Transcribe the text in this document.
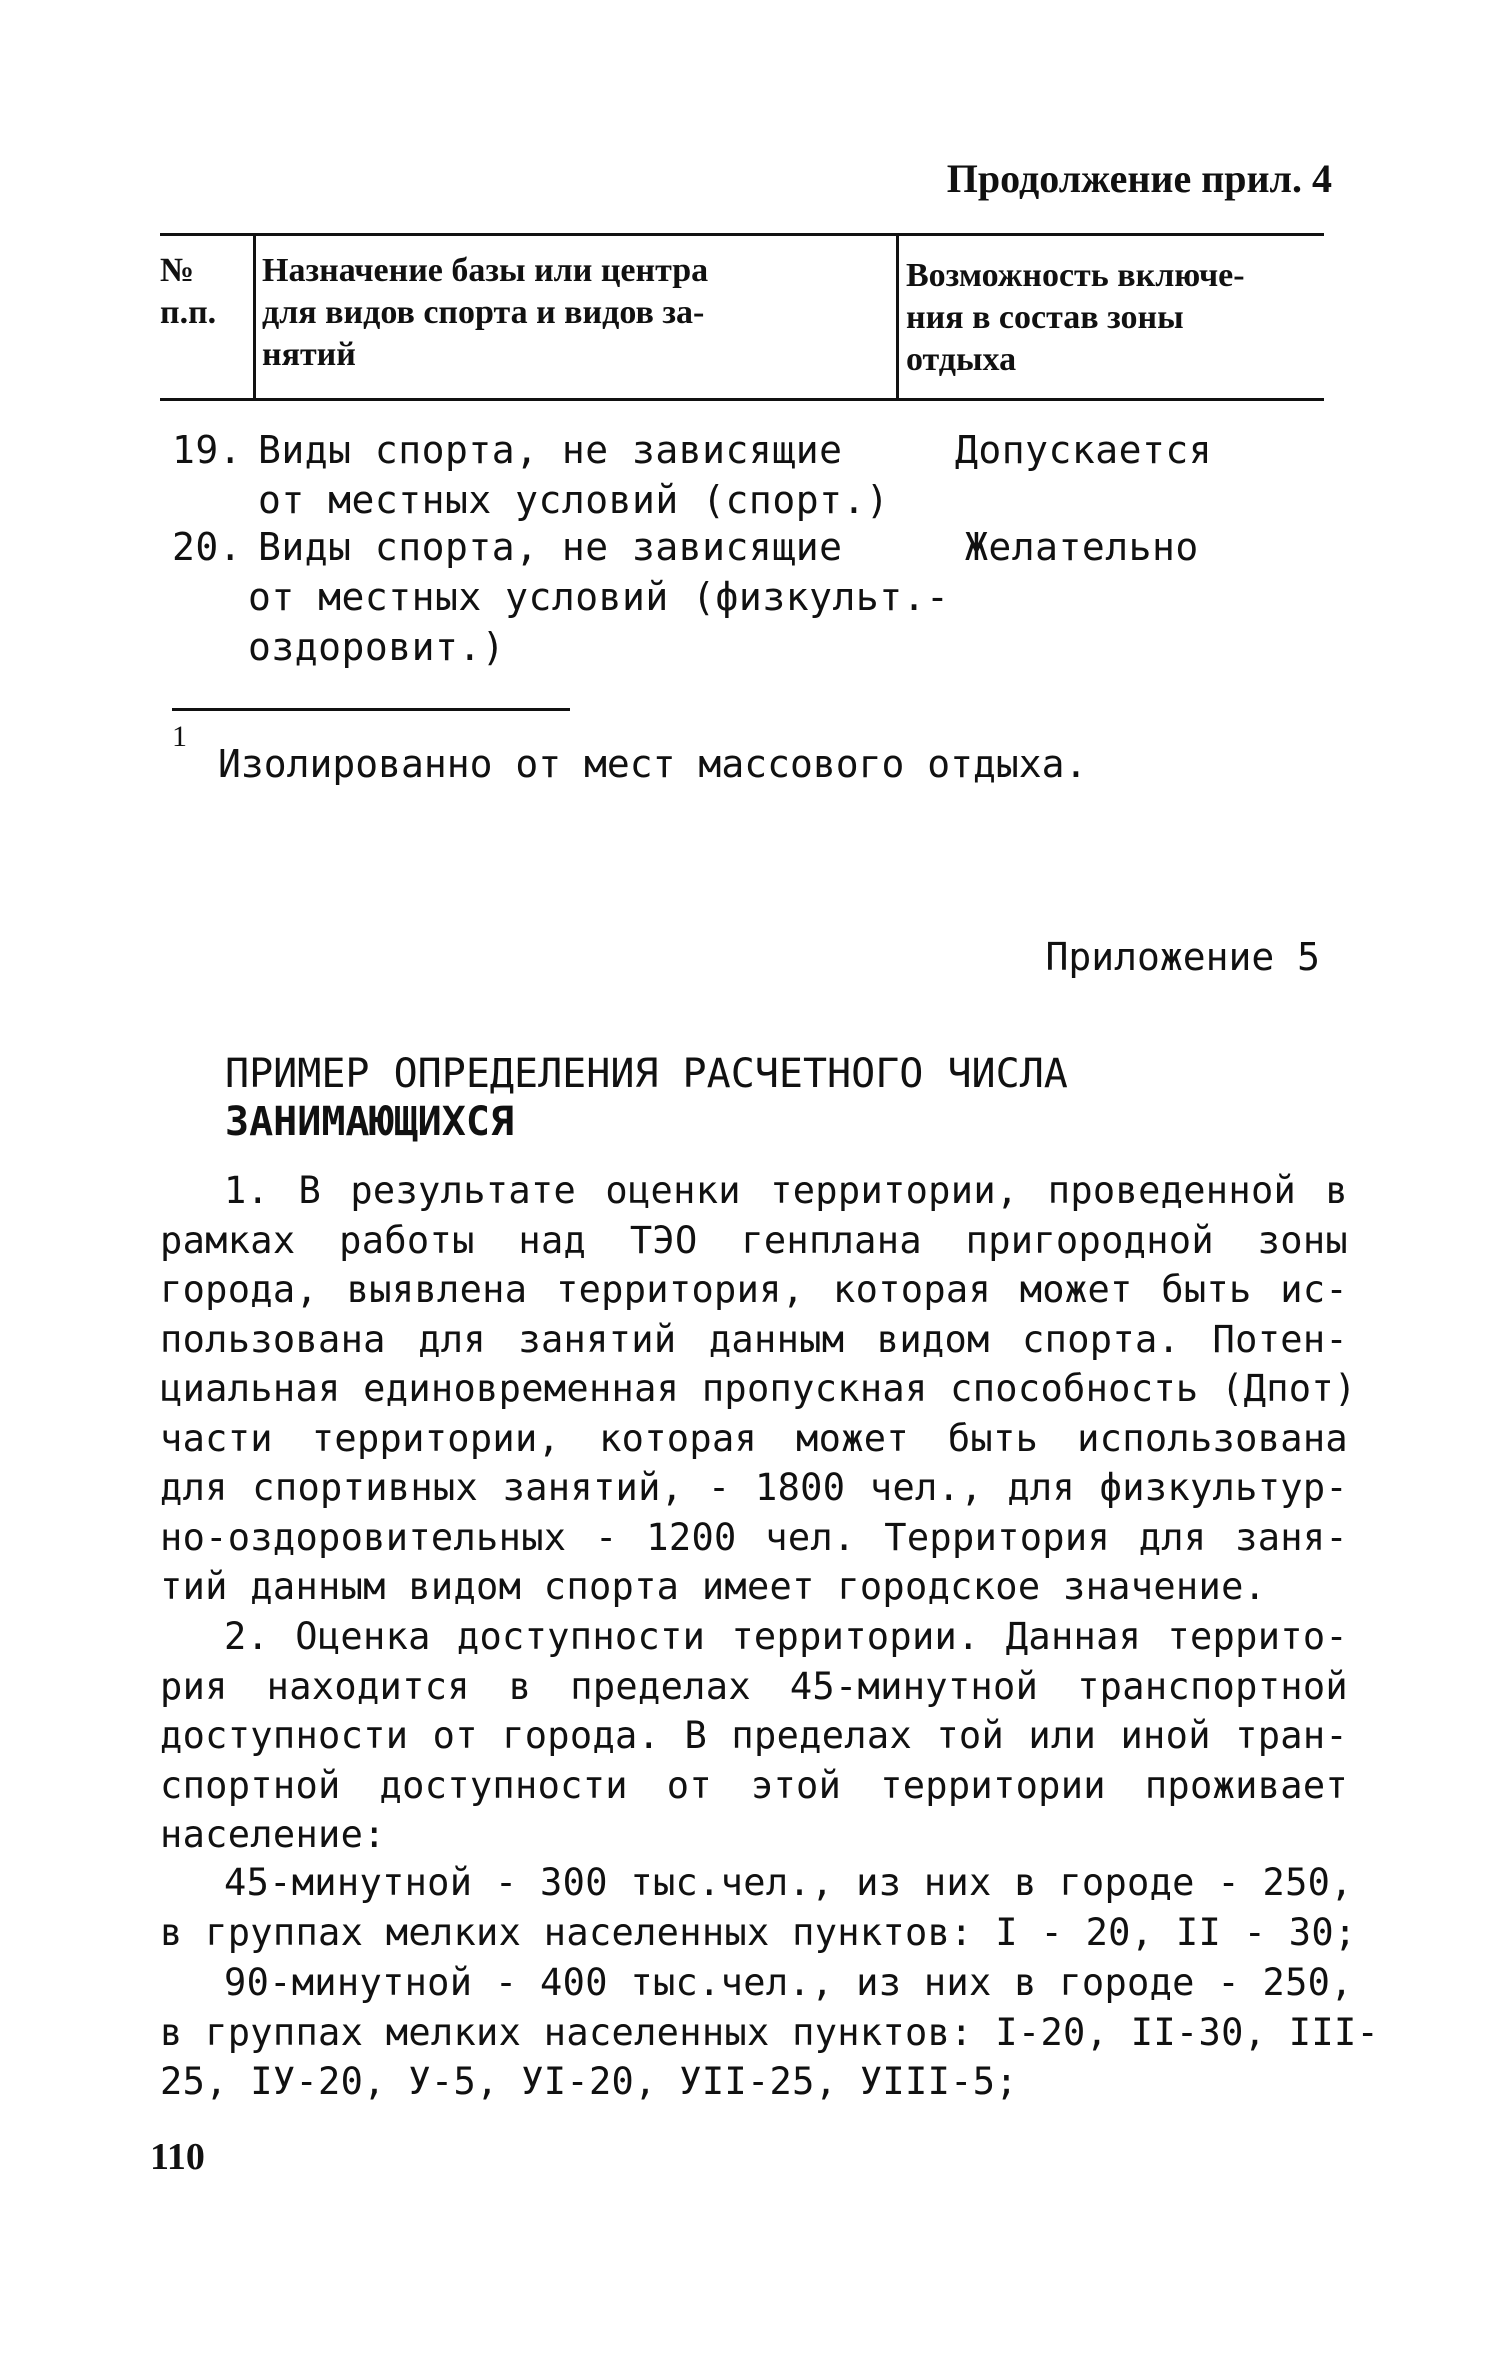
Продолжение прил. 4
№
п.п.
Назначение базы или центра
для видов спорта и видов за-
нятий
Возможность включе-
ния в состав зоны
отдыха
19. Виды спорта, не зависящие
от местных условий (спорт.)
Допускается
20. Виды спорта, не зависящие
от местных условий (физкульт.-
оздоровит.)
Желательно
1
Изолированно от мест массового отдыха.
Приложение 5
ПРИМЕР ОПРЕДЕЛЕНИЯ РАСЧЕТНОГО ЧИСЛА
ЗАНИМАЮЩИХСЯ
1. В результате оценки территории, проведенной в
рамках работы над ТЭО генплана пригородной зоны
города, выявлена территория, которая может быть ис-
пользована для занятий данным видом спорта. Потен-
циальная единовременная пропускная способность (Дпот)
части территории, которая может быть использована
для спортивных занятий, - 1800 чел., для физкультур-
но-оздоровительных - 1200 чел. Территория для заня-
тий данным видом спорта имеет городское значение.
2. Оценка доступности территории. Данная террито-
рия находится в пределах 45-минутной транспортной
доступности от города. В пределах той или иной тран-
спортной доступности от этой территории проживает
население:
45-минутной - 300 тыс.чел., из них в городе - 250,
в группах мелких населенных пунктов: I - 20, II - 30;
90-минутной - 400 тыс.чел., из них в городе - 250,
в группах мелких населенных пунктов: I-20, II-30, III-
25, IУ-20, У-5, УI-20, УII-25, УIII-5;
110
